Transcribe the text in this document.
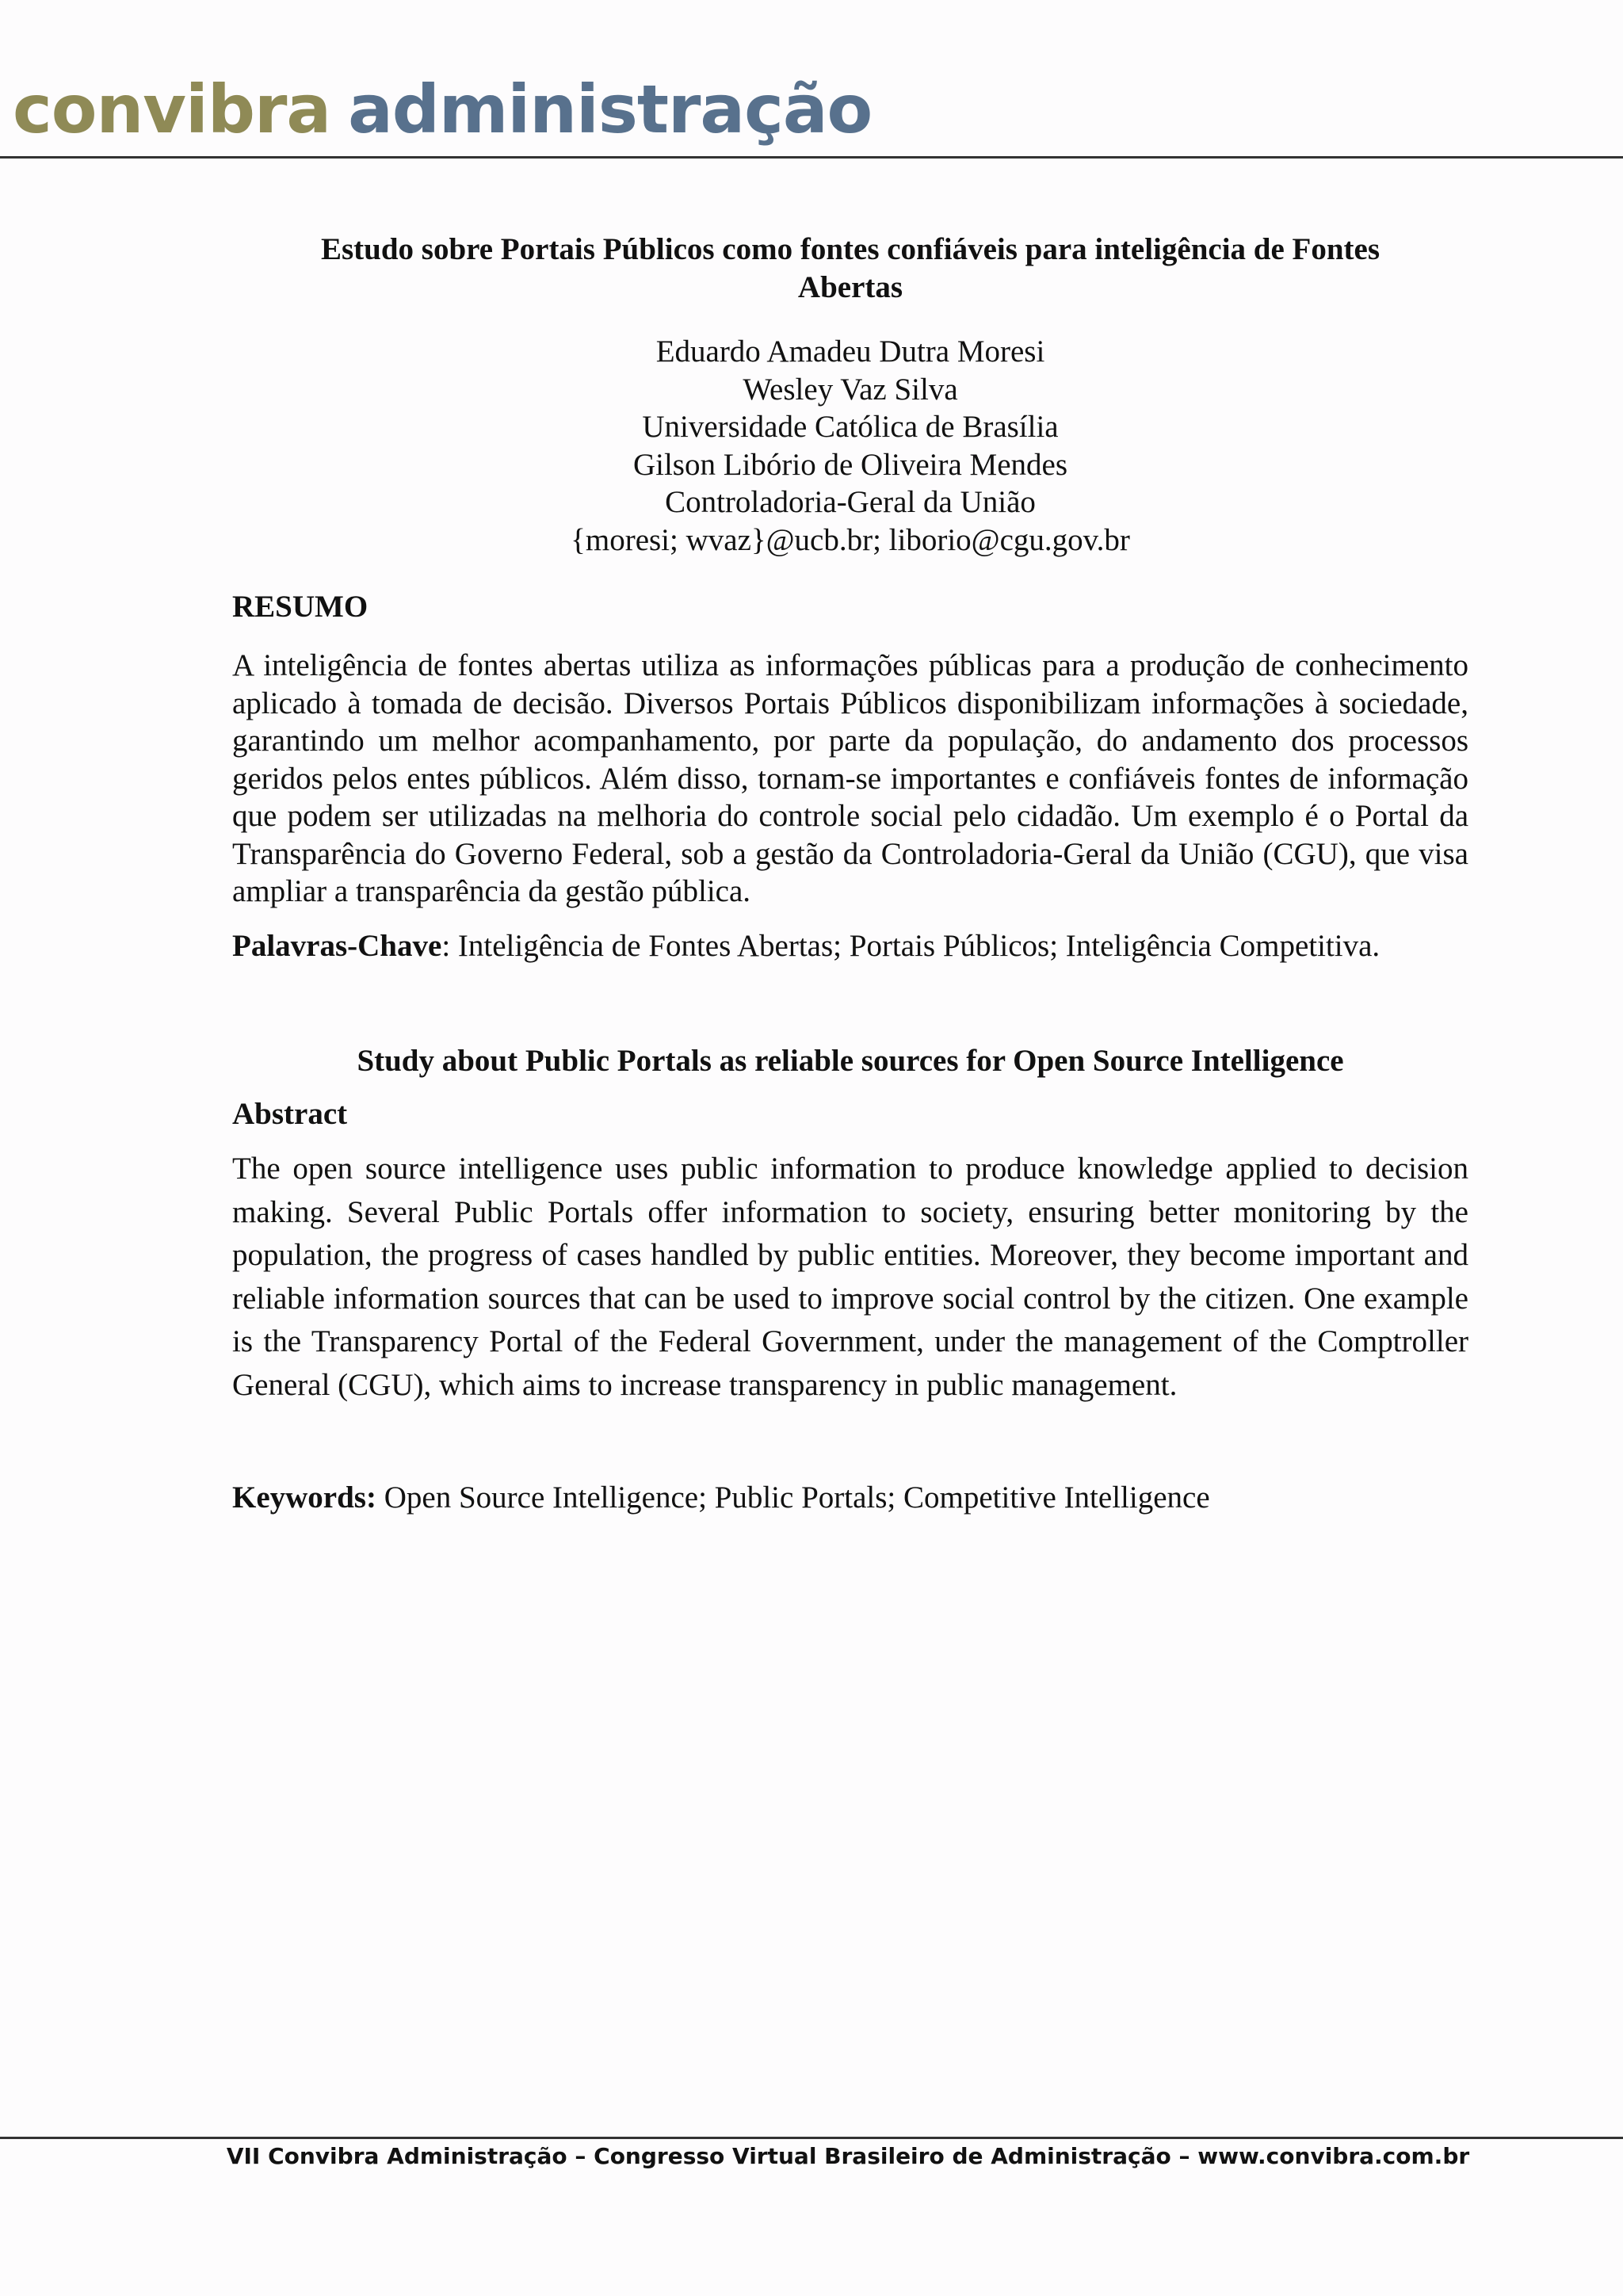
convibra administração
Estudo sobre Portais Públicos como fontes confiáveis para inteligência de Fontes
Abertas
Eduardo Amadeu Dutra Moresi
Wesley Vaz Silva
Universidade Católica de Brasília
Gilson Libório de Oliveira Mendes
Controladoria-Geral da União
{moresi; wvaz}@ucb.br; liborio@cgu.gov.br
RESUMO
A inteligência de fontes abertas utiliza as informações públicas para a produção de conhecimento aplicado à tomada de decisão. Diversos Portais Públicos disponibilizam informações à sociedade, garantindo um melhor acompanhamento, por parte da população, do andamento dos processos geridos pelos entes públicos. Além disso, tornam-se importantes e confiáveis fontes de informação que podem ser utilizadas na melhoria do controle social pelo cidadão. Um exemplo é o Portal da Transparência do Governo Federal, sob a gestão da Controladoria-Geral da União (CGU), que visa ampliar a transparência da gestão pública.
Palavras-Chave: Inteligência de Fontes Abertas; Portais Públicos; Inteligência Competitiva.
Study about Public Portals as reliable sources for Open Source Intelligence
Abstract
The open source intelligence uses public information to produce knowledge applied to decision making. Several Public Portals offer information to society, ensuring better monitoring by the population, the progress of cases handled by public entities. Moreover, they become important and reliable information sources that can be used to improve social control by the citizen. One example is the Transparency Portal of the Federal Government, under the management of the Comptroller General (CGU), which aims to increase transparency in public management.
Keywords: Open Source Intelligence; Public Portals; Competitive Intelligence
VII Convibra Administração – Congresso Virtual Brasileiro de Administração – www.convibra.com.br
